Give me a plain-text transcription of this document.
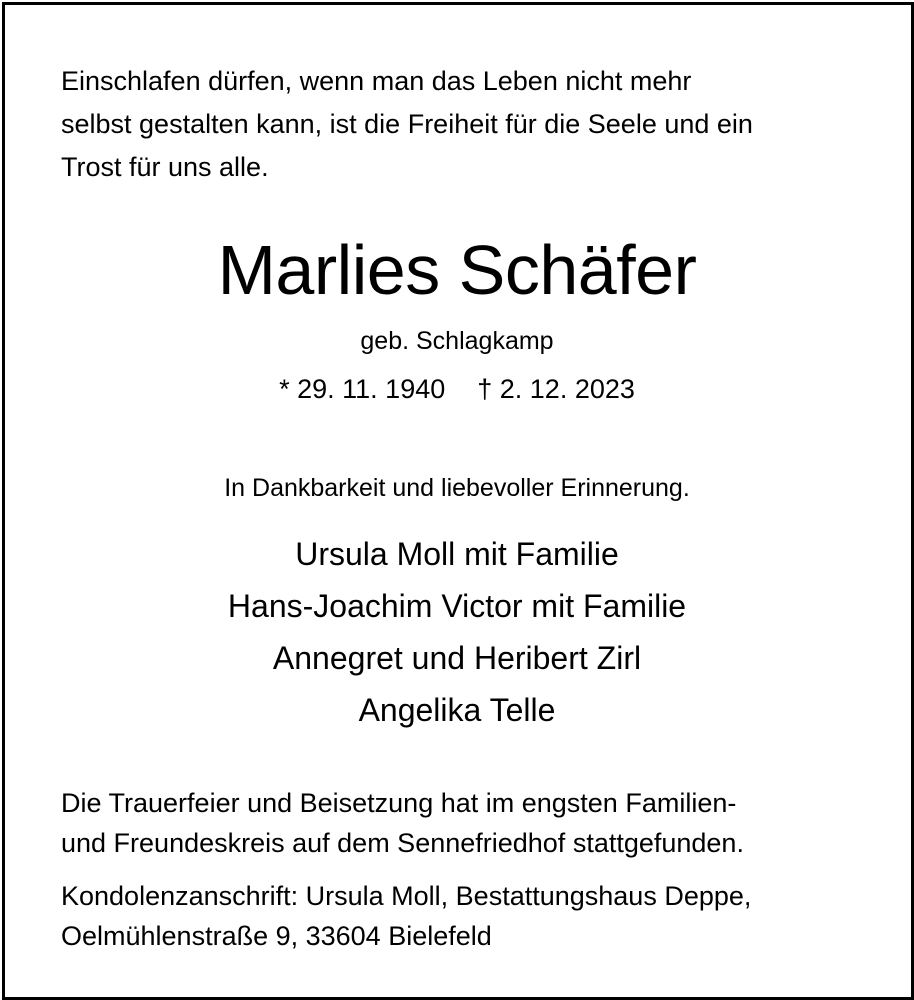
Einschlafen dürfen, wenn man das Leben nicht mehr
selbst gestalten kann, ist die Freiheit für die Seele und ein
Trost für uns alle.
Marlies Schäfer
geb. Schlagkamp
* 29. 11. 1940 † 2. 12. 2023
In Dankbarkeit und liebevoller Erinnerung.
Ursula Moll mit Familie
Hans-Joachim Victor mit Familie
Annegret und Heribert Zirl
Angelika Telle
Die Trauerfeier und Beisetzung hat im engsten Familien-
und Freundeskreis auf dem Sennefriedhof stattgefunden.
Kondolenzanschrift: Ursula Moll, Bestattungshaus Deppe,
Oelmühlenstraße 9, 33604 Bielefeld
